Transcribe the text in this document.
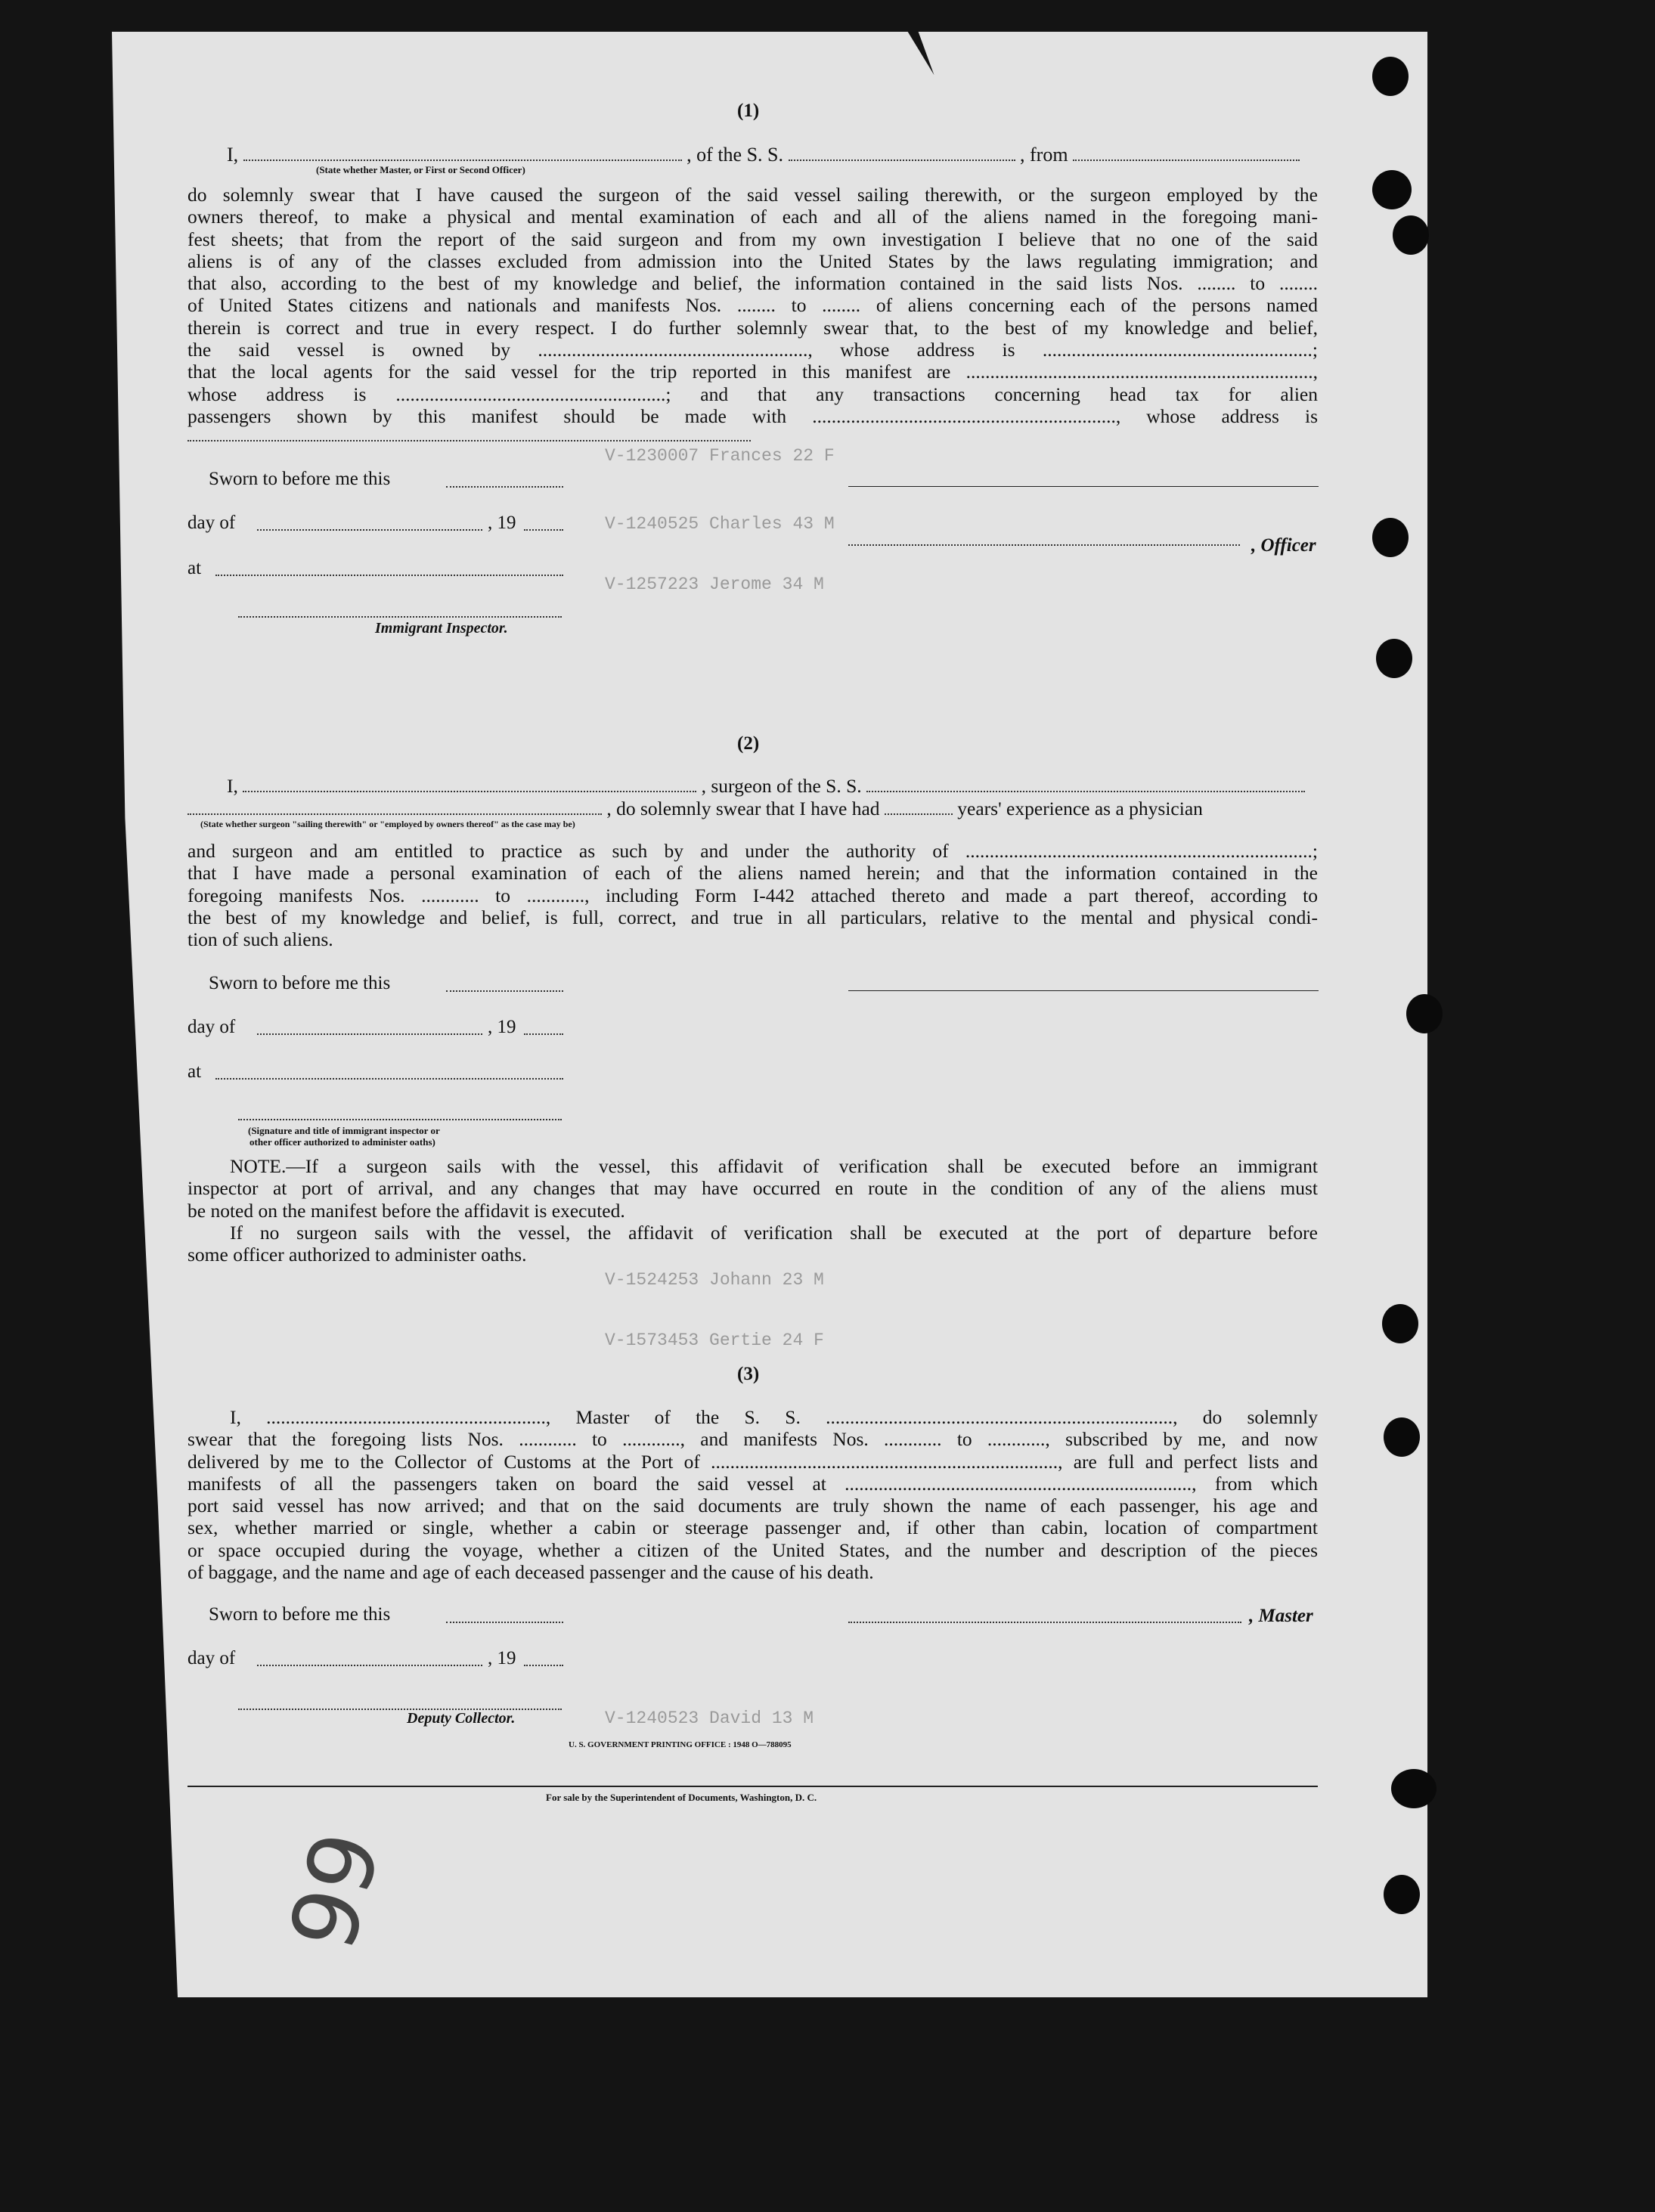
V-1230007 Frances 22 F
V-1240525 Charles 43 M
V-1257223 Jerome 34 M
V-1524253 Johann 23 M
V-1573453 Gertie 24 F
V-1240523 David 13 M
(1)
I,	, of the S. S.	, from
(State whether Master, or First or Second Officer)
do solemnly swear that I have caused the surgeon of the said vessel sailing therewith, or the surgeon employed by the
owners thereof, to make a physical and mental examination of each and all of the aliens named in the foregoing mani-
fest sheets; that from the report of the said surgeon and from my own investigation I believe that no one of the said
aliens is of any of the classes excluded from admission into the United States by the laws regulating immigration; and
that also, according to the best of my knowledge and belief, the information contained in the said lists Nos. ........ to ........
of United States citizens and nationals and manifests Nos. ........ to ........ of aliens concerning each of the persons named
therein is correct and true in every respect. I do further solemnly swear that, to the best of my knowledge and belief,
the said vessel is owned by ........................................................, whose address is ........................................................;
that the local agents for the said vessel for the trip reported in this manifest are ........................................................................,
whose address is ........................................................; and that any transactions concerning head tax for alien
passengers shown by this manifest should be made with ..............................................................., whose address is
Sworn to before me this
day of	, 19
, Officer
at
Immigrant Inspector.
(2)
I,	, surgeon of the S. S.
, do solemnly swear that I have had	years' experience as a physician
(State whether surgeon "sailing therewith" or "employed by owners thereof" as the case may be)
and surgeon and am entitled to practice as such by and under the authority of ........................................................................;
that I have made a personal examination of each of the aliens named herein; and that the information contained in the
foregoing manifests Nos. ............ to ............, including Form I-442 attached thereto and made a part thereof, according to
the best of my knowledge and belief, is full, correct, and true in all particulars, relative to the mental and physical condi-
tion of such aliens.
Sworn to before me this
day of	, 19
at
(Signature and title of immigrant inspector or
other officer authorized to administer oaths)
NOTE.—If a surgeon sails with the vessel, this affidavit of verification shall be executed before an immigrant
inspector at port of arrival, and any changes that may have occurred en route in the condition of any of the aliens must
be noted on the manifest before the affidavit is executed.
If no surgeon sails with the vessel, the affidavit of verification shall be executed at the port of departure before
some officer authorized to administer oaths.
(3)
I, .........................................................., Master of the S. S. ........................................................................, do solemnly
swear that the foregoing lists Nos. ............ to ............, and manifests Nos. ............ to ............, subscribed by me, and now
delivered by me to the Collector of Customs at the Port of ........................................................................, are full and perfect lists and
manifests of all the passengers taken on board the said vessel at ........................................................................, from which
port said vessel has now arrived; and that on the said documents are truly shown the name of each passenger, his age and
sex, whether married or single, whether a cabin or steerage passenger and, if other than cabin, location of compartment
or space occupied during the voyage, whether a citizen of the United States, and the number and description of the pieces
of baggage, and the name and age of each deceased passenger and the cause of his death.
Sworn to before me this	, Master
day of	, 19
Deputy Collector.
U. S. GOVERNMENT PRINTING OFFICE : 1948 O—788095
For sale by the Superintendent of Documents, Washington, D. C.
99
